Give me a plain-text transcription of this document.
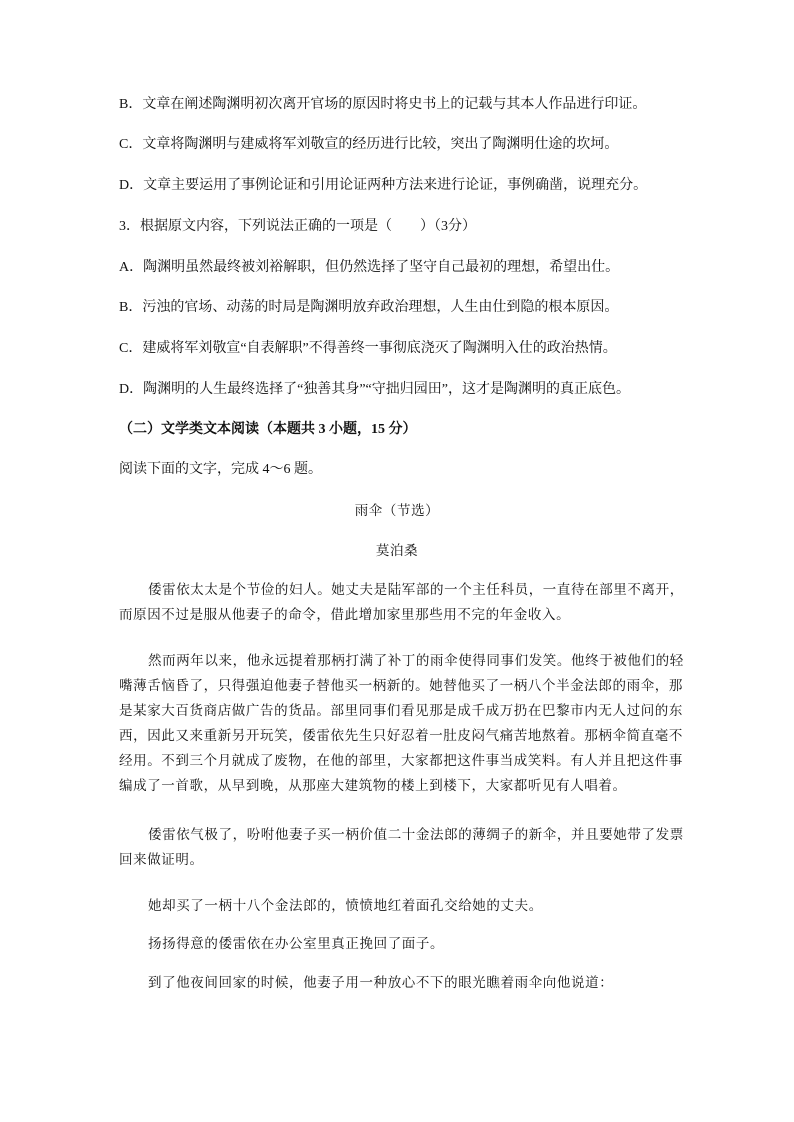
B．文章在阐述陶渊明初次离开官场的原因时将史书上的记载与其本人作品进行印证。
C．文章将陶渊明与建威将军刘敬宣的经历进行比较，突出了陶渊明仕途的坎坷。
D．文章主要运用了事例论证和引用论证两种方法来进行论证，事例确凿，说理充分。
3．根据原文内容，下列说法正确的一项是（　　）（3分）
A．陶渊明虽然最终被刘裕解职，但仍然选择了坚守自己最初的理想，希望出仕。
B．污浊的官场、动荡的时局是陶渊明放弃政治理想，人生由仕到隐的根本原因。
C．建威将军刘敬宣“自表解职”不得善终一事彻底浇灭了陶渊明入仕的政治热情。
D．陶渊明的人生最终选择了“独善其身”“守拙归园田”，这才是陶渊明的真正底色。
（二）文学类文本阅读（本题共 3 小题，15 分）
阅读下面的文字，完成 4～6 题。
雨伞（节选）
莫泊桑
倭雷依太太是个节俭的妇人。她丈夫是陆军部的一个主任科员，一直待在部里不离开，
而原因不过是服从他妻子的命令，借此增加家里那些用不完的年金收入。
然而两年以来，他永远提着那柄打满了补丁的雨伞使得同事们发笑。他终于被他们的轻
嘴薄舌恼昏了，只得强迫他妻子替他买一柄新的。她替他买了一柄八个半金法郎的雨伞，那
是某家大百货商店做广告的货品。部里同事们看见那是成千成万扔在巴黎市内无人过问的东
西，因此又来重新另开玩笑，倭雷依先生只好忍着一肚皮闷气痛苦地熬着。那柄伞简直毫不
经用。不到三个月就成了废物，在他的部里，大家都把这件事当成笑料。有人并且把这件事
编成了一首歌，从早到晚，从那座大建筑物的楼上到楼下，大家都听见有人唱着。
倭雷依气极了，吩咐他妻子买一柄价值二十金法郎的薄绸子的新伞，并且要她带了发票
回来做证明。
她却买了一柄十八个金法郎的，愤愤地红着面孔交给她的丈夫。
扬扬得意的倭雷依在办公室里真正挽回了面子。
到了他夜间回家的时候，他妻子用一种放心不下的眼光瞧着雨伞向他说道：
